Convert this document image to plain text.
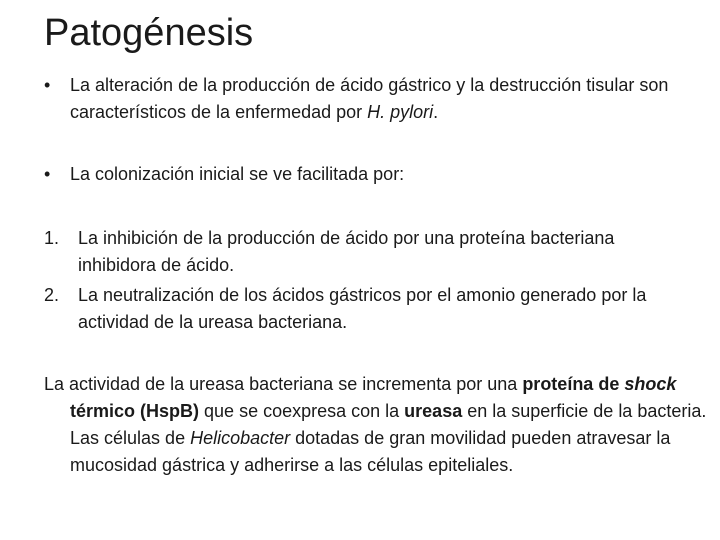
Patogénesis
• La alteración de la producción de ácido gástrico y la destrucción tisular son característicos de la enfermedad por H. pylori.
• La colonización inicial se ve facilitada por:
1. La inhibición de la producción de ácido por una proteína bacteriana inhibidora de ácido.
2. La neutralización de los ácidos gástricos por el amonio generado por la actividad de la ureasa bacteriana.
La actividad de la ureasa bacteriana se incrementa por una proteína de shock térmico (HspB) que se coexpresa con la ureasa en la superficie de la bacteria. Las células de Helicobacter dotadas de gran movilidad pueden atravesar la mucosidad gástrica y adherirse a las células epiteliales.
